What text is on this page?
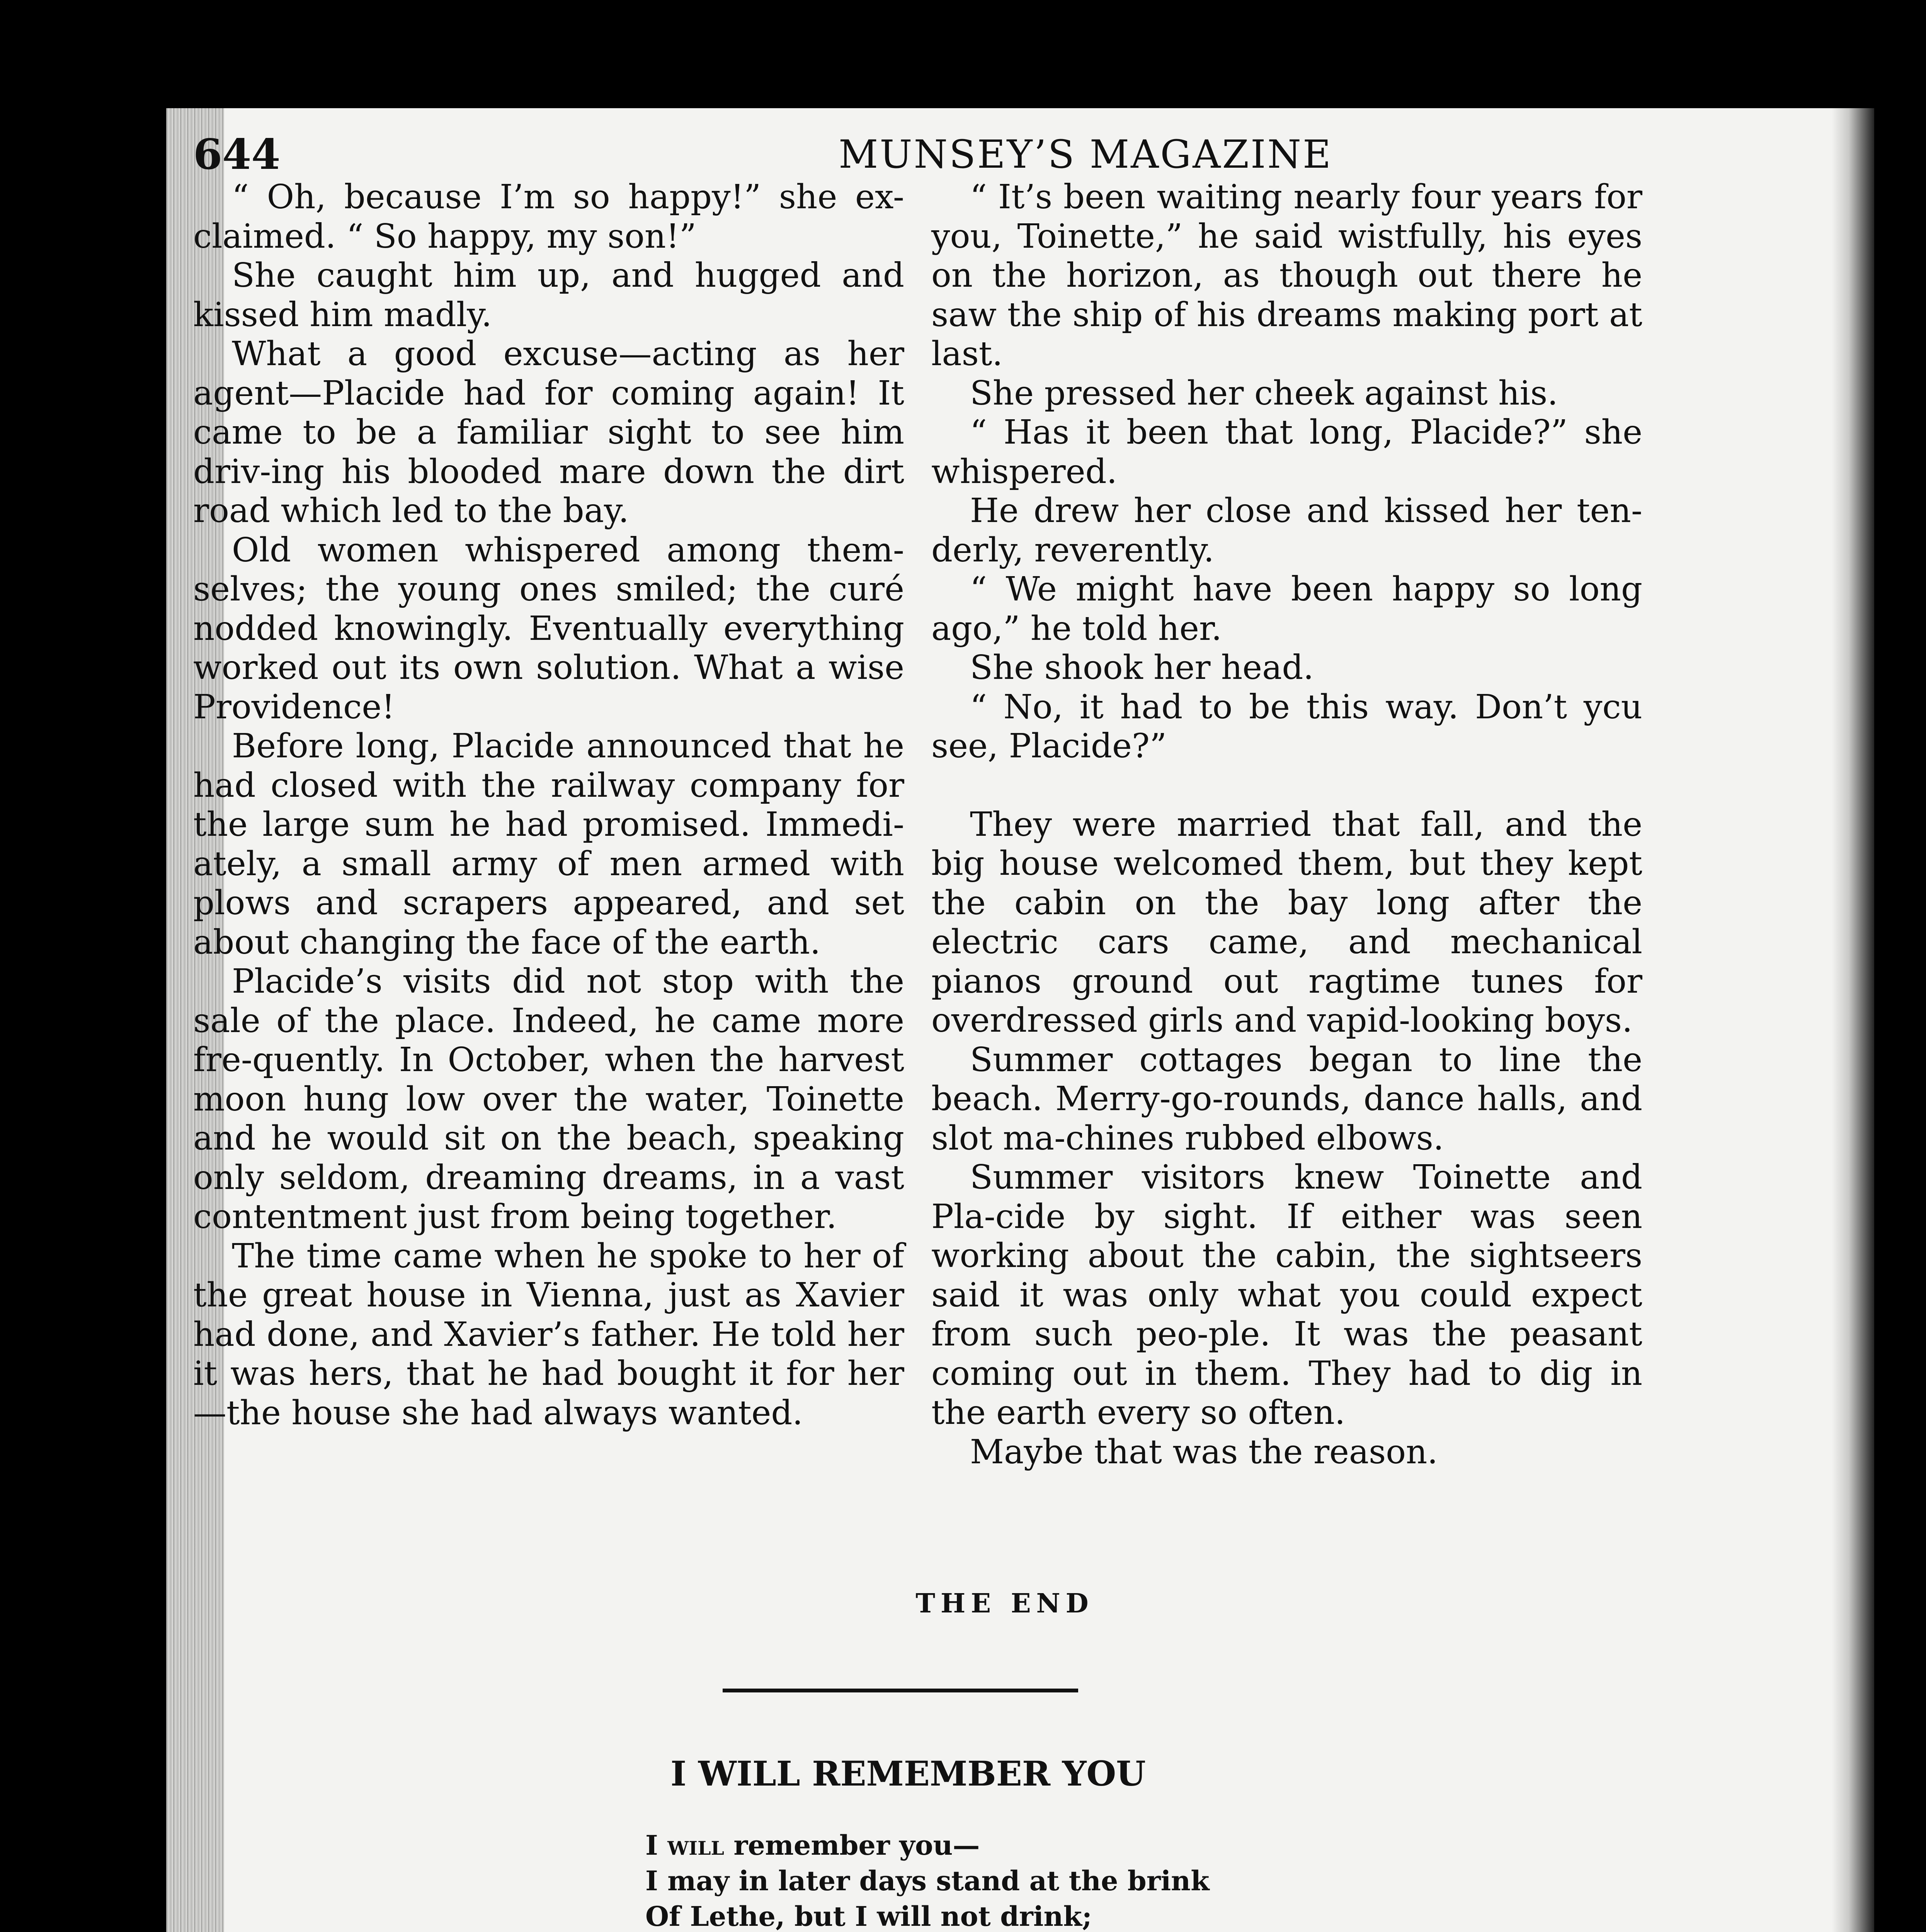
644	MUNSEY’S MAGAZINE

“ Oh, because I’m so happy!” she ex-claimed. “ So happy, my son!”

She caught him up, and hugged and kissed him madly.

What a good excuse—acting as her agent—Placide had for coming again! It came to be a familiar sight to see him driv-ing his blooded mare down the dirt road which led to the bay.

Old women whispered among them-selves; the young ones smiled; the curé nodded knowingly. Eventually everything worked out its own solution. What a wise Providence!

Before long, Placide announced that he had closed with the railway company for the large sum he had promised. Immedi-ately, a small army of men armed with plows and scrapers appeared, and set about changing the face of the earth.

Placide’s visits did not stop with the sale of the place. Indeed, he came more fre-quently. In October, when the harvest moon hung low over the water, Toinette and he would sit on the beach, speaking only seldom, dreaming dreams, in a vast contentment just from being together.

The time came when he spoke to her of the great house in Vienna, just as Xavier had done, and Xavier’s father. He told her it was hers, that he had bought it for her—the house she had always wanted.

“ It’s been waiting nearly four years for you, Toinette,” he said wistfully, his eyes on the horizon, as though out there he saw the ship of his dreams making port at last.

She pressed her cheek against his.

“ Has it been that long, Placide?” she whispered.

He drew her close and kissed her ten-derly, reverently.

“ We might have been happy so long ago,” he told her.

She shook her head.

“ No, it had to be this way. Don’t ycu see, Placide?”

They were married that fall, and the big house welcomed them, but they kept the cabin on the bay long after the electric cars came, and mechanical pianos ground out ragtime tunes for overdressed girls and vapid-looking boys.

Summer cottages began to line the beach. Merry-go-rounds, dance halls, and slot ma-chines rubbed elbows.

Summer visitors knew Toinette and Pla-cide by sight. If either was seen working about the cabin, the sightseers said it was only what you could expect from such peo-ple. It was the peasant coming out in them. They had to dig in the earth every so often.

Maybe that was the reason.

THE END
I WILL REMEMBER YOU
I will remember you—
I may in later days stand at the brink
Of Lethe, but I will not drink;
